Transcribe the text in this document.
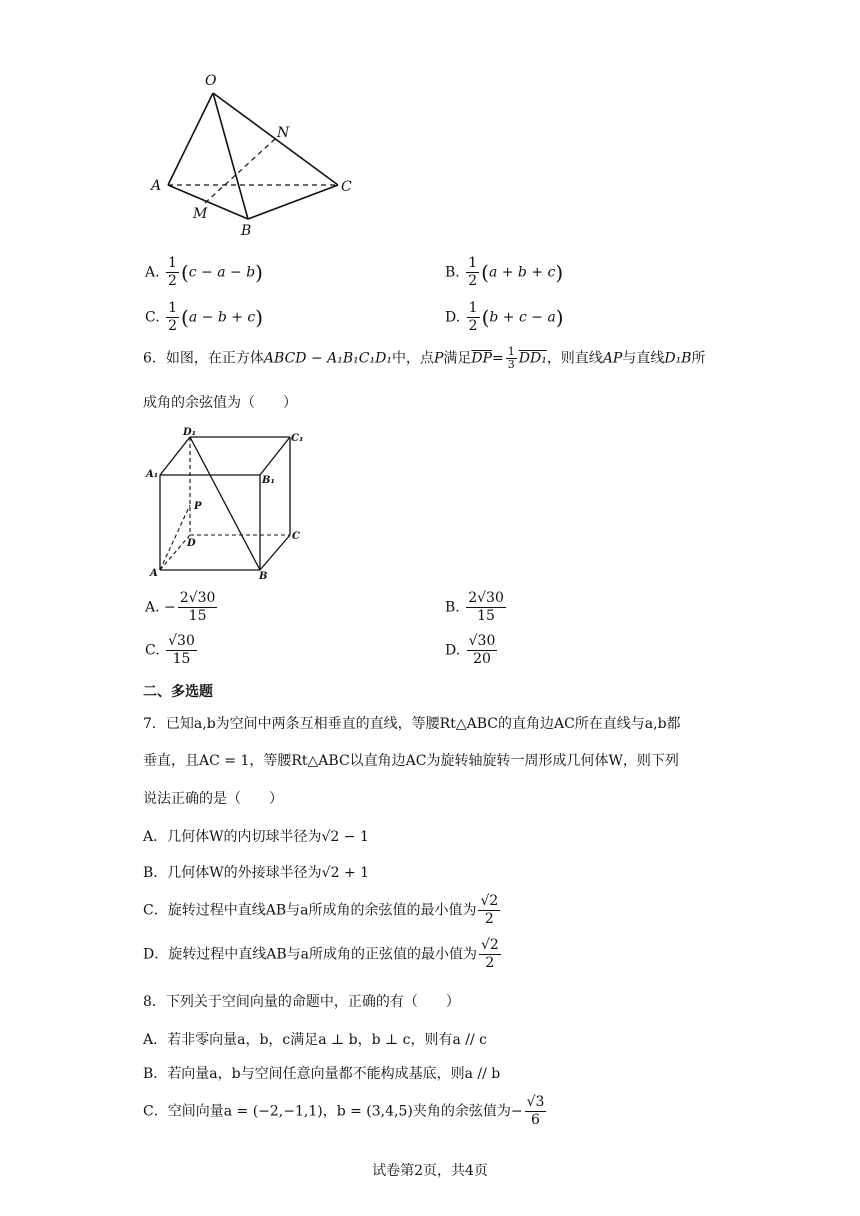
O
N
A	C
M
B
A. $\frac{1}{2} (c - a - b)$	B. $\frac{1}{2} (a + b + c)$
C. $\frac{1}{2} (a - b + c)$	D. $\frac{1}{2} (b + c - a)$
6．如图，在正方体ABCD − A₁B₁C₁D₁中，点P满足$\overline{DP}= \frac{1}{3} DD_1$，则直线AP与直线D₁B所
成角的余弦值为（　　）
D₁
C₁
A₁
B₁
P
D
C
A	B
A. − $\frac{2√30}{15}$	B. $\frac{2√30}{15}$
C. $\frac{√30}{15}$	D. $\frac{√30}{20}$
二、多选题
7．已知a,b为空间中两条互相垂直的直线，等腰Rt△ABC的直角边AC所在直线与a,b都
垂直，且AC = 1，等腰Rt△ABC以直角边AC为旋转轴旋转一周形成几何体W，则下列
说法正确的是（　　）
A．几何体W的内切球半径为√2 − 1
B．几何体W的外接球半径为√2 + 1
C．旋转过程中直线AB与a所成角的余弦值的最小值为 $\frac{√2}{2}$
D．旋转过程中直线AB与a所成角的正弦值的最小值为 $\frac{√2}{2}$
8．下列关于空间向量的命题中，正确的有（　　）
A．若非零向量a，b，c满足a ⊥ b，b ⊥ c，则有a // c
B．若向量a，b与空间任意向量都不能构成基底，则a // b
C．空间向量a = (−2,−1,1)，b = (3,4,5)夹角的余弦值为− $\frac{√3}{6}$
试卷第2页，共4页
